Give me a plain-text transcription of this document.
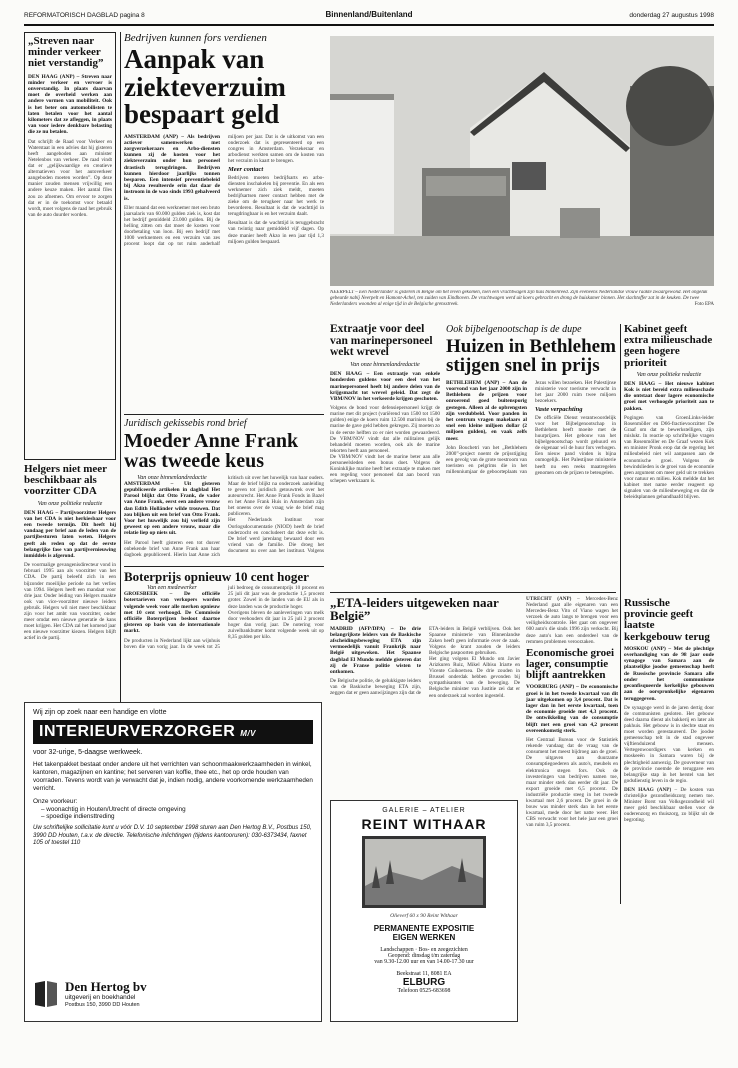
REFORMATORISCH DAGBLAD pagina 8	Binnenland/Buitenland	donderdag 27 augustus 1998
„Streven naar minder verkeer niet verstandig”
DEN HAAG (ANP) – Streven naar minder verkeer en vervoer is onverstandig. In plaats daarvan moet de overheid werken aan andere vormen van mobiliteit. Ook is het beter om automobilisten te laten betalen voor het aantal kilometers dat ze afleggen, in plaats van voor iedere denkbare belasting die ze nu betalen.
Dat schrijft de Raad voor Verkeer en Waterstaat in een advies dat hij gisteren heeft aangeboden aan minister Netelenbos van verkeer. De raad vindt dat er „gelijkwaardige en creatieve alternatieven voor het autoverkeer aangeboden moeten worden”. Op deze manier zouden mensen vrijwillig een andere keuze maken. Het aantal files zou zo afnemen. Om ervoor te zorgen dat er in de toekomst voor betaald wordt, moet volgens de raad het gebruik van de auto duurder worden.
Helgers niet meer beschikbaar als voorzitter CDA
Van onze politieke redactie
DEN HAAG – Partijvoorzitter Helgers van het CDA is niet herkiesbaar voor een tweede termijn. Dit heeft hij vandaag per brief aan de leden van de partijbesturen laten weten. Helgers geeft als reden op dat de eerste belangrijke fase van partijvernieuwing inmiddels is afgerond.
De voormalige gevangenisdirecteur vond in februari 1995 aan als voorzitter van het CDA. De partij beleefd zich in een bijzonder moeilijke periode na het verlies van 1994. Helgers heeft een mandaat voor drie jaar. Onder leiding van Helgers maakte ook van vice-voorzitter nieuwe leiders gebruik. Helgers wil niet meer beschikbaar zijn voor het ambt van voorzitter, onder meer omdat een nieuwe generatie de kans moet krijgen. Het CDA zal het komend jaar een nieuwe voorzitter kiezen. Helgers blijft actief in de partij.
Bedrijven kunnen fors verdienen
Aanpak van ziekteverzuim bespaart geld
AMSTERDAM (ANP) – Als bedrijven actiever samenwerken met zorgverzekeraars en Arbo-diensten kunnen zij de kosten voor het ziekteverzuim onder hun personeel drastisch terugdringen. Bedrijven kunnen hierdoor jaarlijks tonnen besparen. Een intensief preventiebeleid bij Akzo resulteerde erin dat daar de instroom in de wao sinds 1993 gehalveerd is.
Eller maand dat een werknemer met een bruto jaarsalaris van 60.000 gulden ziek is, kost dat het bedrijf gemiddeld 23.000 gulden. Bij de helling zitten om dat moet de kosten voor doorbetaling van loon. Bij een bedrijf met 1000 werknemers en een verzuim van zes procent loopt dat op tot ruim anderhalf miljoen per jaar. Dat is de uitkomst van een onderzoek dat is gepresenteerd op een congres in Amsterdam. Verzekeraar en arbodienst werkten samen om de kosten van het verzuim in kaart te brengen.
Meer contact
Bedrijven moeten bedrijfsarts en arbo-diensten inschakelen bij preventie. En als een werknemer zich ziek meldt, moeten bedrijfsartsen meer contact hebben met de zieke om de terugkeer naar het werk te bevorderen. Resultaat is dat de wachttijd in terugdringbaar is en het verzuim daalt.
Resultaat is dat de wachttijd is teruggebracht van twintig naar gemiddeld vijf dagen. Op deze manier heeft Akzo in een jaar tijd 1,3 miljoen gulden bespaard.
NEERPELT – Een Nederlander is gisteren in België om het leven gekomen, toen een vrachtwagen zijn huis binnenreed. Zijn eveneens Nederlandse vrouw raakte zwaargewond. Het ongeluk gebeurde nabij Neerpelt en Hamont-Achel, ten zuiden van Eindhoven. De vrachtwagen werd uit koers gebracht en drong de huiskamer binnen. Het slachtoffer zat in de keuken. De twee Nederlanders woonden al enige tijd in de Belgische grensstreek.	Foto EPA
Juridisch gekissebis rond brief
Moeder Anne Frank was tweede keus
Van onze binnenlandredactie
AMSTERDAM – Uit gisteren gepubliceerde artikelen in dagblad Het Parool blijkt dat Otto Frank, de vader van Anne Frank, eerst een andere vrouw dan Edith Holländer wilde trouwen. Dat zou blijken uit een brief van Otto Frank. Voor het huwelijk zou hij verliefd zijn geweest op een andere vrouw, maar die relatie liep op niets uit.
Het Parool heeft gisteren een tot dusver onbekende brief van Anne Frank aan haar dagboek gepubliceerd. Hierin laat Anne zich kritisch uit over het huwelijk van haar ouders. Maar de brief blijkt na onderzoek aanleiding te geven tot juridisch getouwtrek over het auteursrecht. Het Anne Frank Fonds in Bazel en het Anne Frank Huis in Amsterdam zijn het oneens over de vraag wie de brief mag publiceren.
Het Nederlands Instituut voor Oorlogsdocumentatie (NIOD) heeft de brief onderzocht en concludeert dat deze echt is. De brief werd jarenlang bewaard door een vriend van de familie. Die droeg het document nu over aan het instituut. Volgens
Boterprijs opnieuw 10 cent hoger
Van een medewerker
GROESBEEK – De officiële botertarieven van verkopers worden volgende week voor alle merken opnieuw met 10 cent verhoogd. De Commissie officiële Boterprijzen besloot daartoe gisteren op basis van de internationale markt.
De producten in Nederland lijkt aan wijnhuis boven die van vorig jaar. In de week tot 25 juli bedroeg de consumentprijs 10 procent en 25 juli dit jaar was de productie 1,5 procent groter. Zowel in de landen van de EU als in deze landen was de productie hoger.
Overigens bleven de aanleveringen van melk door veehouders dit jaar in 25 juli 2 procent hoger dan vorig jaar. De notering voor zuivelbankbutter komt volgende week uit op 8,35 gulden per kilo.
Extraatje voor deel van marinepersoneel wekt wrevel
Van onze binnenlandredactie
DEN HAAG – Een extraatje van enkele honderden guldens voor een deel van het marinepersoneel heeft bij andere delen van de krijgsmacht tot wrevel geleid. Dat zegt de VBM/NOV in het verkeerde krijgen geschoten.
Volgens de bond voor defensiepersoneel krijgt de marine met dit project (variërend van 1500 tot 1500 gulden) enige de koers ruim 12.500 mariniers bij de marine de gave geld hebben gekregen. Zij moeten zo in de eerste helften zo er niet worden gewaardeerd. De VBM/NOV vindt dat alle militairen gelijk behandeld moeten worden, ook als de marine tekorten heeft aan personeel.
De VBM/NOV vindt het de marine beter aan alle personeelsleden een bonus doet. Volgens de Koninklijke marine heeft het extraatje te maken met een regeling voor personeel dat aan boord van schepen werkzaam is.
Ook bijbelgenootschap is de dupe
Huizen in Bethlehem stijgen snel in prijs
BETHLEHEM (ANP) – Aan de voorvond van het jaar 2000 zijn in Bethlehem de prijzen voor onroerend goed buitensporig gestegen. Alleen al de opbrengsten zijn verdubbeld. Voor panden in het centrum vragen makelaars al snel een kleine miljoen dollar (2 miljoen gulden), en vaak zelfs meer.
John Bouchetri van het „Bethlehem 2000”-project noemt de prijsstijging een gevolg van de grote toestroom van toeristen en pelgrims die in het millenniumjaar de geboorteplaats van Jezus willen bezoeken. Het Palestijnse ministerie voor toerisme verwacht in het jaar 2000 ruim twee miljoen bezoekers.
Vaste verpachting
De officiële Dienst verantwoordelijk voor het Bijbelgenootschap in Bethlehem heeft moeite met de huurprijzen. Het gebouw van het bijbelgenootschap wordt gehuurd en de eigenaar wil de huur fors verhogen. Een nieuw pand vinden is bijna onmogelijk. Het Palestijnse ministerie heeft nu een reeks maatregelen genomen om de prijzen te beteugelen.
Kabinet geeft extra milieuschade geen hogere prioriteit
Van onze politieke redactie
DEN HAAG – Het nieuwe kabinet Kok is niet bereid extra milieuschade die ontstaat door lagere economische groei met verhoogde prioriteit aan te pakken.
Pogingen van GroenLinks-leider Rosenmöller en D66-fractievoorzitter De Graaf om dat te bewerkstelligen, zijn mislukt. In reactie op schriftelijke vragen van Rosenmöller en De Graaf wezen Kok en minister Pronk erop dat de regering het milieubeleid niet wil aanpassen aan de economische groei. Volgens de bewindslieden is de groei van de economie geen argument om meer geld uit te trekken voor natuur en milieu. Kok meldde dat het kabinet met name eerder reageert op signalen van de milieubeweging en dat de beleidsplannen gehandhaafd blijven.
Russische provincie geeft laatste kerkgebouw terug
MOSKOU (ANP) – Met de plechtige overhandiging van de 98 jaar oude synagoge van Samara aan de plaatselijke joodse gemeenschap heeft de Russische provincie Samara alle onder het communisme geconfisqueerde kerkelijke gebouwen aan de oorspronkelijke eigenaren teruggegeven.
De synagoge werd in de jaren dertig door de communisten gesloten. Het gebouw deed daarna dienst als bakkerij en later als pakhuis. Het gebouw is in slechte staat en moet worden gerestaureerd. De joodse gemeenschap telt in de stad ongeveer vijftienduizend mensen. Vertegenwoordigers van kerken en moskeeën in Samara waren bij de plechtigheid aanwezig. De gouverneur van de provincie noemde de teruggave een belangrijke stap in het herstel van het godsdienstig leven in de regio.
DEN HAAG (ANP) – De kosten van christelijke gezondheidszorg nemen toe. Minister Borst van Volksgezondheid wil meer geld beschikbaar stellen voor de ouderenzorg en thuiszorg, zo blijkt uit de begroting.
„ETA-leiders uitgeweken naar België”
MADRID (AFP/DPA) – De drie belangrijkste leiders van de Baskische afscheidingsbeweging ETA zijn vermoedelijk vanuit Frankrijk naar België uitgeweken. Het Spaanse dagblad El Mundo meldde gisteren dat zij de Franse politie wisten te ontkomen.
De Belgische politie, de gelukkigste leiders van de Baskische beweging ETA zijn, zeggen dat er geen aanwijzingen zijn dat de ETA-leiders in België verblijven. Ook het Spaanse ministerie van Binnenlandse Zaken heeft geen informatie over de zaak. Volgens de krant zouden de leiders Belgische paspoorten gebruiken.
Het ging volgens El Mundo om Javier Arizkuren Ruiz, Mikel Albisu Iriarte en Vicente Goikoetxea. De drie zouden in Brussel onderdak hebben gevonden bij sympathisanten van de beweging. De Belgische minister van Justitie zei dat er een onderzoek zal worden ingesteld.
UTRECHT (ANP) – Mercedes-Benz Nederland gaat alle eigenaren van een Mercedes-Benz Vito of Viano wagen het verzoek de auto langs te brengen voor een veiligheidscontrole. Het gaat om ongeveer 600 auto's die sinds 1996 zijn verkocht. Bij deze auto's kan een onderdeel van de remmen problemen veroorzaken.
Economische groei lager, consumptie blijft aantrekken
VOORBURG (ANP) – De economische groei is in het tweede kwartaal van dit jaar uitgekomen op 3,4 procent. Dat is lager dan in het eerste kwartaal, toen de economie groeide met 4,3 procent. De ontwikkeling van de consumptie blijft met een groei van 4,2 procent overeenkomstig sterk.
Het Centraal Bureau voor de Statistiek rekende vandaag dat de vraag van de consument het meest bijdroeg aan de groei. De uitgaven aan duurzame consumptiegoederen als auto's, meubels en elektronica stegen fors. Ook de investeringen van bedrijven namen toe, maar minder sterk dan eerder dit jaar. De export groeide met 6,5 procent. De industriële productie steeg in het tweede kwartaal met 2,6 procent. De groei in de bouw was minder sterk dan in het eerste kwartaal, mede door het natte weer. Het CBS verwacht voor het hele jaar een groei van ruim 3,5 procent.
Wij zijn op zoek naar een handige en vlotte
INTERIEURVERZORGER M/V
voor 32-urige, 5-daagse werkweek.
Het takenpakket bestaat onder andere uit het verrichten van schoonmaakwerkzaamheden in winkel, kantoren, magazijnen en kantine; het serveren van koffie, thee etc., het op orde houden van voorraden. Tevens wordt van je verwacht dat je, indien nodig, andere voorkomende werkzaamheden verricht.
Onze voorkeur:
– woonachtig in Houten/Utrecht of directe omgeving
– spoedige indiensttreding
Uw schriftelijke sollicitatie kunt u vóór D.V. 10 september 1998 sturen aan Den Hertog B.V., Postbus 150, 3990 DD Houten, t.a.v. de directie. Telefonische inlichtingen (tijdens kantooruren): 030-6373434, faxnet 105 of toestel 110
Den Hertog bv
uitgeverij en boekhandel
Postbus 150, 3990 DD Houten
GALERIE – ATELIER
REINT WITHAAR
Olieverf 60 x 90 Reint Withaar
PERMANENTE EXPOSITIE
EIGEN WERKEN
Landschappen · Bos- en zeegezichten
Geopend: dinsdag t/m zaterdag
van 9.30-12.00 uur en van 14.00-17.30 uur
Beekstraat 11, 8081 EA
ELBURG
Telefoon 0525-683698
